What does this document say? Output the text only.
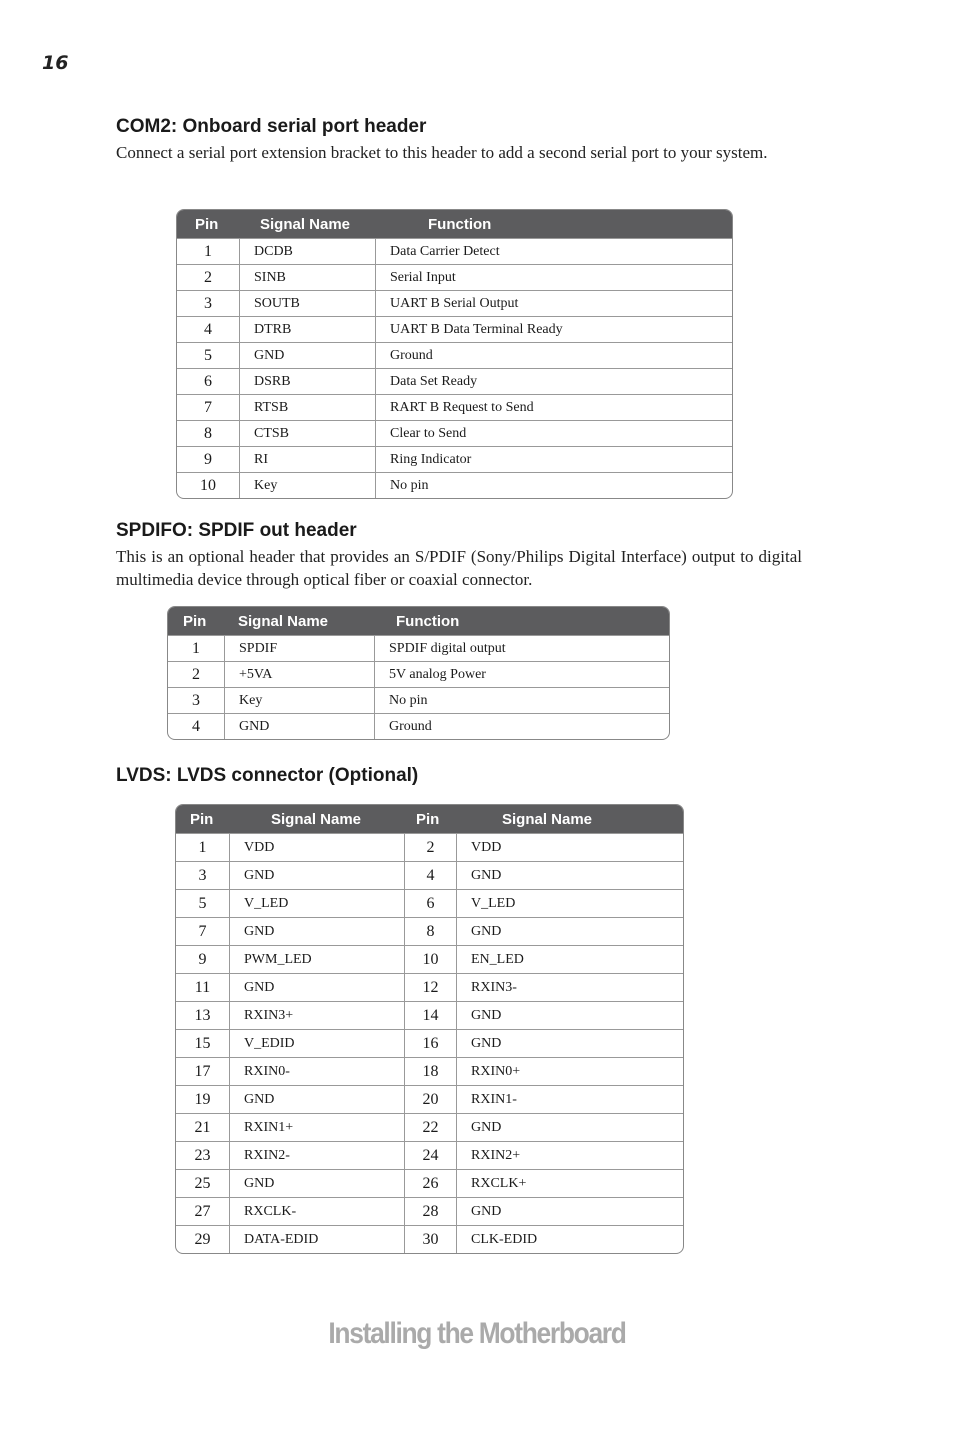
16
COM2: Onboard serial port header

Connect a serial port extension bracket to this header to add a second serial port to your system.

Pin	Signal Name	Function
1	DCDB	Data Carrier Detect
2	SINB	Serial Input
3	SOUTB	UART B Serial Output
4	DTRB	UART B Data Terminal Ready
5	GND	Ground
6	DSRB	Data Set Ready
7	RTSB	RART B Request to Send
8	CTSB	Clear to Send
9	RI	Ring Indicator
10	Key	No pin
SPDIFO: SPDIF out header

This is an optional header that provides an S/PDIF (Sony/Philips Digital Interface) output to digital multimedia device through optical fiber or coaxial connector.

Pin	Signal Name	Function
1	SPDIF	SPDIF digital output
2	+5VA	5V analog Power
3	Key	No pin
4	GND	Ground
LVDS: LVDS connector (Optional)
Pin	Signal Name	Pin	Signal Name
1	VDD	2	VDD
3	GND	4	GND
5	V_LED	6	V_LED
7	GND	8	GND
9	PWM_LED	10	EN_LED
11	GND	12	RXIN3-
13	RXIN3+	14	GND
15	V_EDID	16	GND
17	RXIN0-	18	RXIN0+
19	GND	20	RXIN1-
21	RXIN1+	22	GND
23	RXIN2-	24	RXIN2+
25	GND	26	RXCLK+
27	RXCLK-	28	GND
29	DATA-EDID	30	CLK-EDID
Installing the Motherboard
